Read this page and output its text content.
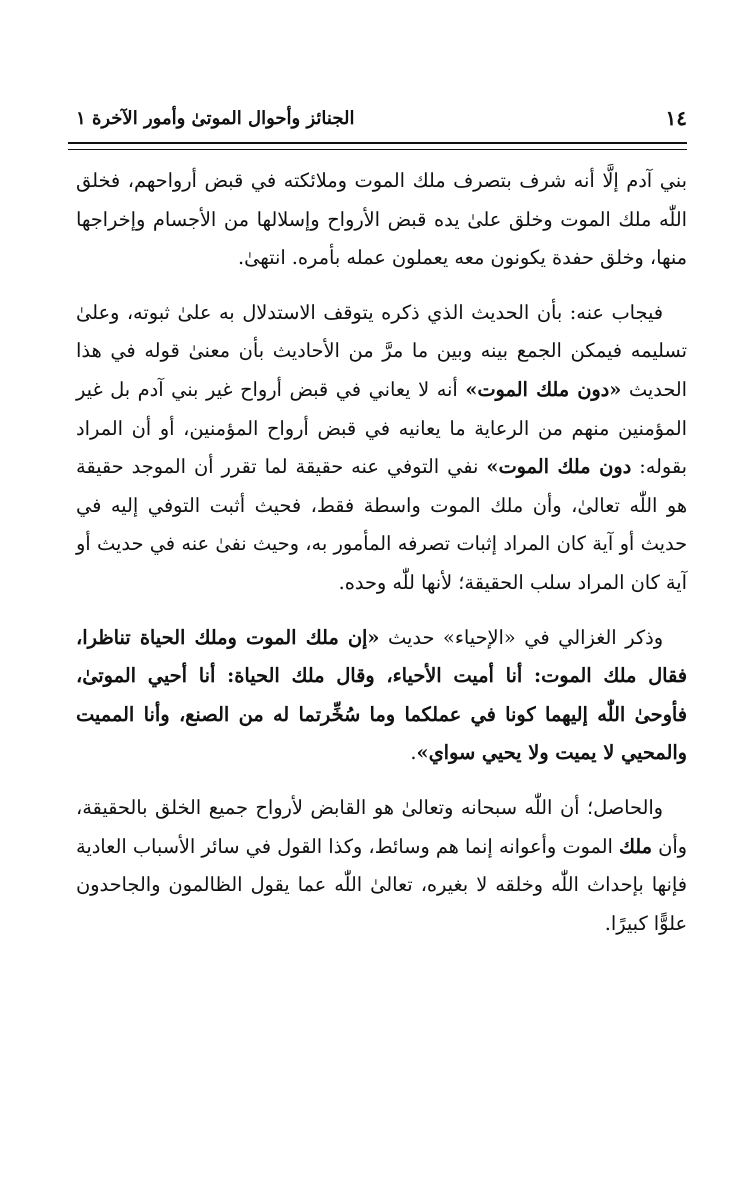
١٤
الجنائز وأحوال الموتىٰ وأمور الآخرة ١

بني آدم إلَّا أنه شرف بتصرف ملك الموت وملائكته في قبض أرواحهم، فخلق اللّٰه ملك الموت وخلق علىٰ يده قبض الأرواح وإسلالها من الأجسام وإخراجها منها، وخلق حفدة يكونون معه يعملون عمله بأمره. انتهىٰ.

فيجاب عنه: بأن الحديث الذي ذكره يتوقف الاستدلال به علىٰ ثبوته، وعلىٰ تسليمه فيمكن الجمع بينه وبين ما مرَّ من الأحاديث بأن معنىٰ قوله في هذا الحديث «دون ملك الموت» أنه لا يعاني في قبض أرواح غير بني آدم بل غير المؤمنين منهم من الرعاية ما يعانيه في قبض أرواح المؤمنين، أو أن المراد بقوله: دون ملك الموت» نفي التوفي عنه حقيقة لما تقرر أن الموجد حقيقة هو اللّٰه تعالىٰ، وأن ملك الموت واسطة فقط، فحيث أثبت التوفي إليه في حديث أو آية كان المراد إثبات تصرفه المأمور به، وحيث نفىٰ عنه في حديث أو آية كان المراد سلب الحقيقة؛ لأنها للّٰه وحده.

وذكر الغزالي في «الإحياء» حديث «إن ملك الموت وملك الحياة تناظرا، فقال ملك الموت: أنا أميت الأحياء، وقال ملك الحياة: أنا أحيي الموتىٰ، فأوحىٰ اللّٰه إليهما كونا في عملكما وما سُخِّرتما له من الصنع، وأنا المميت والمحيي لا يميت ولا يحيي سواي».

والحاصل؛ أن اللّٰه سبحانه وتعالىٰ هو القابض لأرواح جميع الخلق بالحقيقة، وأن ملك الموت وأعوانه إنما هم وسائط، وكذا القول في سائر الأسباب العادية فإنها بإحداث اللّٰه وخلقه لا بغيره، تعالىٰ اللّٰه عما يقول الظالمون والجاحدون علوًّا كبيرًا.
